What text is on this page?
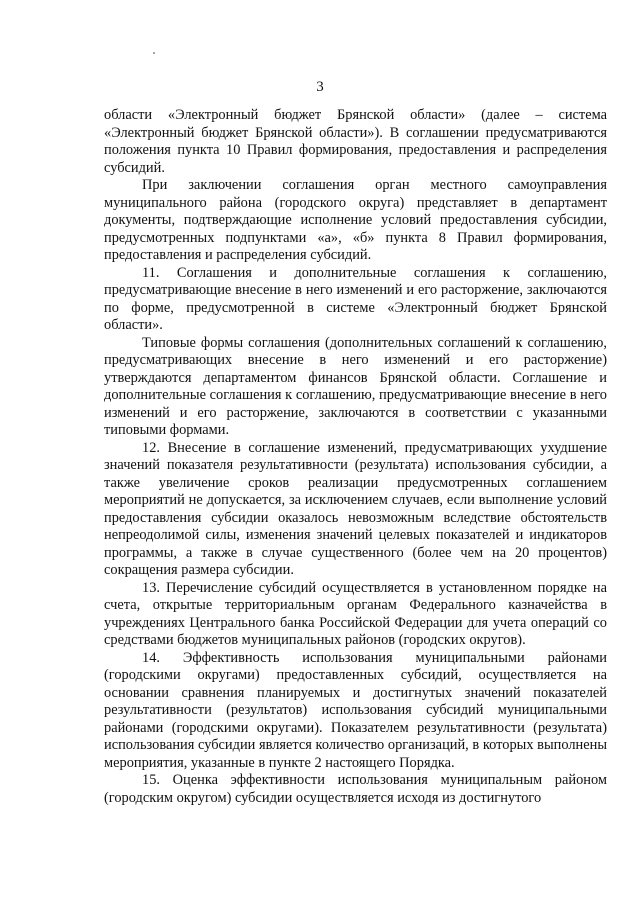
3

области «Электронный бюджет Брянской области» (далее – система «Электронный бюджет Брянской области»). В соглашении предусматриваются положения пункта 10 Правил формирования, предоставления и распределения субсидий.

При заключении соглашения орган местного самоуправления муниципального района (городского округа) представляет в департамент документы, подтверждающие исполнение условий предоставления субсидии, предусмотренных подпунктами «а», «б» пункта 8 Правил формирования, предоставления и распределения субсидий.

11. Соглашения и дополнительные соглашения к соглашению, предусматривающие внесение в него изменений и его расторжение, заключаются по форме, предусмотренной в системе «Электронный бюджет Брянской области».

Типовые формы соглашения (дополнительных соглашений к соглашению, предусматривающих внесение в него изменений и его расторжение) утверждаются департаментом финансов Брянской области. Соглашение и дополнительные соглашения к соглашению, предусматривающие внесение в него изменений и его расторжение, заключаются в соответствии с указанными типовыми формами.

12. Внесение в соглашение изменений, предусматривающих ухудшение значений показателя результативности (результата) использования субсидии, а также увеличение сроков реализации предусмотренных соглашением мероприятий не допускается, за исключением случаев, если выполнение условий предоставления субсидии оказалось невозможным вследствие обстоятельств непреодолимой силы, изменения значений целевых показателей и индикаторов программы, а также в случае существенного (более чем на 20 процентов) сокращения размера субсидии.

13. Перечисление субсидий осуществляется в установленном порядке на счета, открытые территориальным органам Федерального казначейства в учреждениях Центрального банка Российской Федерации для учета операций со средствами бюджетов муниципальных районов (городских округов).

14. Эффективность использования муниципальными районами (городскими округами) предоставленных субсидий, осуществляется на основании сравнения планируемых и достигнутых значений показателей результативности (результатов) использования субсидий муниципальными районами (городскими округами). Показателем результативности (результата) использования субсидии является количество организаций, в которых выполнены мероприятия, указанные в пункте 2 настоящего Порядка.

15. Оценка эффективности использования муниципальным районом (городским округом) субсидии осуществляется исходя из достигнутого
